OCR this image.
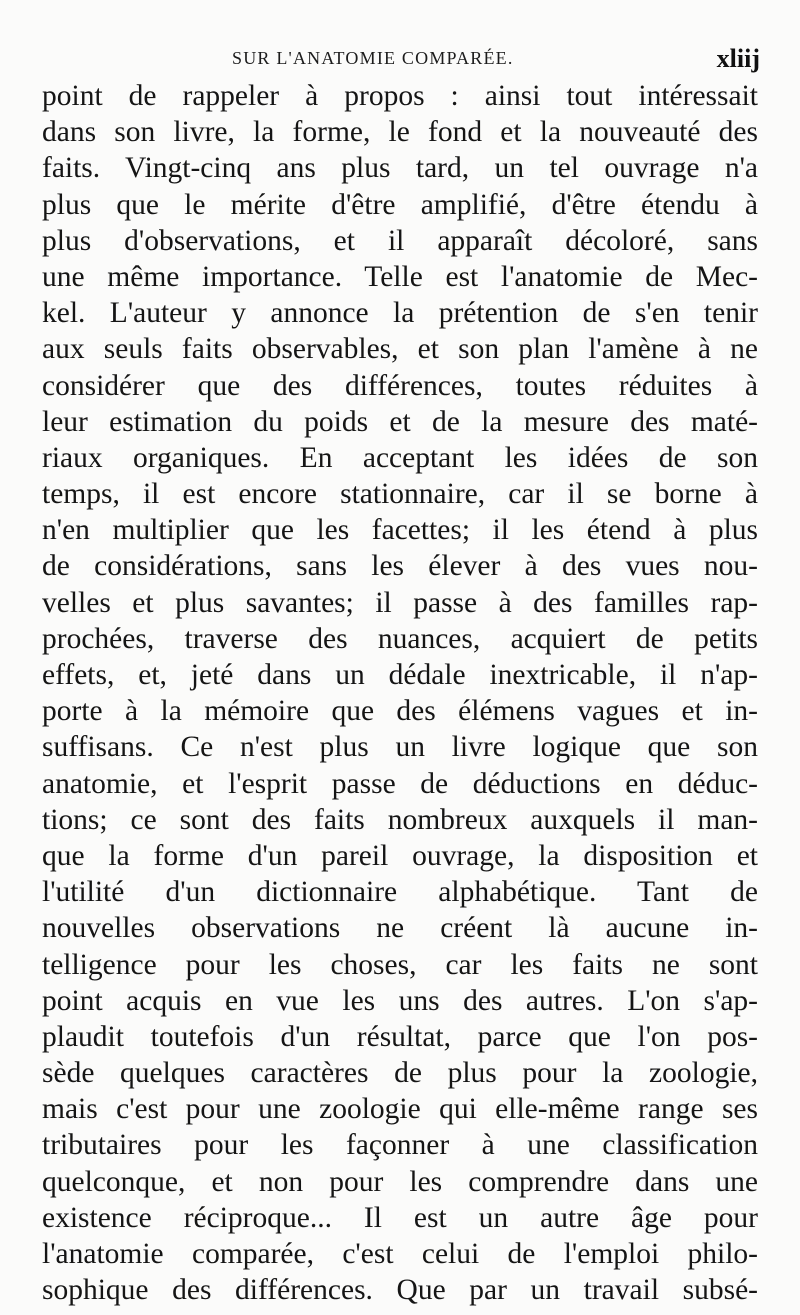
SUR L'ANATOMIE COMPARÉE.	xliij
point de rappeler à propos : ainsi tout intéressait
dans son livre, la forme, le fond et la nouveauté des
faits. Vingt-cinq ans plus tard, un tel ouvrage n'a
plus que le mérite d'être amplifié, d'être étendu à
plus d'observations, et il apparaît décoloré, sans
une même importance. Telle est l'anatomie de Mec-
kel. L'auteur y annonce la prétention de s'en tenir
aux seuls faits observables, et son plan l'amène à ne
considérer que des différences, toutes réduites à
leur estimation du poids et de la mesure des maté-
riaux organiques. En acceptant les idées de son
temps, il est encore stationnaire, car il se borne à
n'en multiplier que les facettes; il les étend à plus
de considérations, sans les élever à des vues nou-
velles et plus savantes; il passe à des familles rap-
prochées, traverse des nuances, acquiert de petits
effets, et, jeté dans un dédale inextricable, il n'ap-
porte à la mémoire que des élémens vagues et in-
suffisans. Ce n'est plus un livre logique que son
anatomie, et l'esprit passe de déductions en déduc-
tions; ce sont des faits nombreux auxquels il man-
que la forme d'un pareil ouvrage, la disposition et
l'utilité d'un dictionnaire alphabétique. Tant de
nouvelles observations ne créent là aucune in-
telligence pour les choses, car les faits ne sont
point acquis en vue les uns des autres. L'on s'ap-
plaudit toutefois d'un résultat, parce que l'on pos-
sède quelques caractères de plus pour la zoologie,
mais c'est pour une zoologie qui elle-même range ses
tributaires pour les façonner à une classification
quelconque, et non pour les comprendre dans une
existence réciproque... Il est un autre âge pour
l'anatomie comparée, c'est celui de l'emploi philo-
sophique des différences. Que par un travail subsé-
